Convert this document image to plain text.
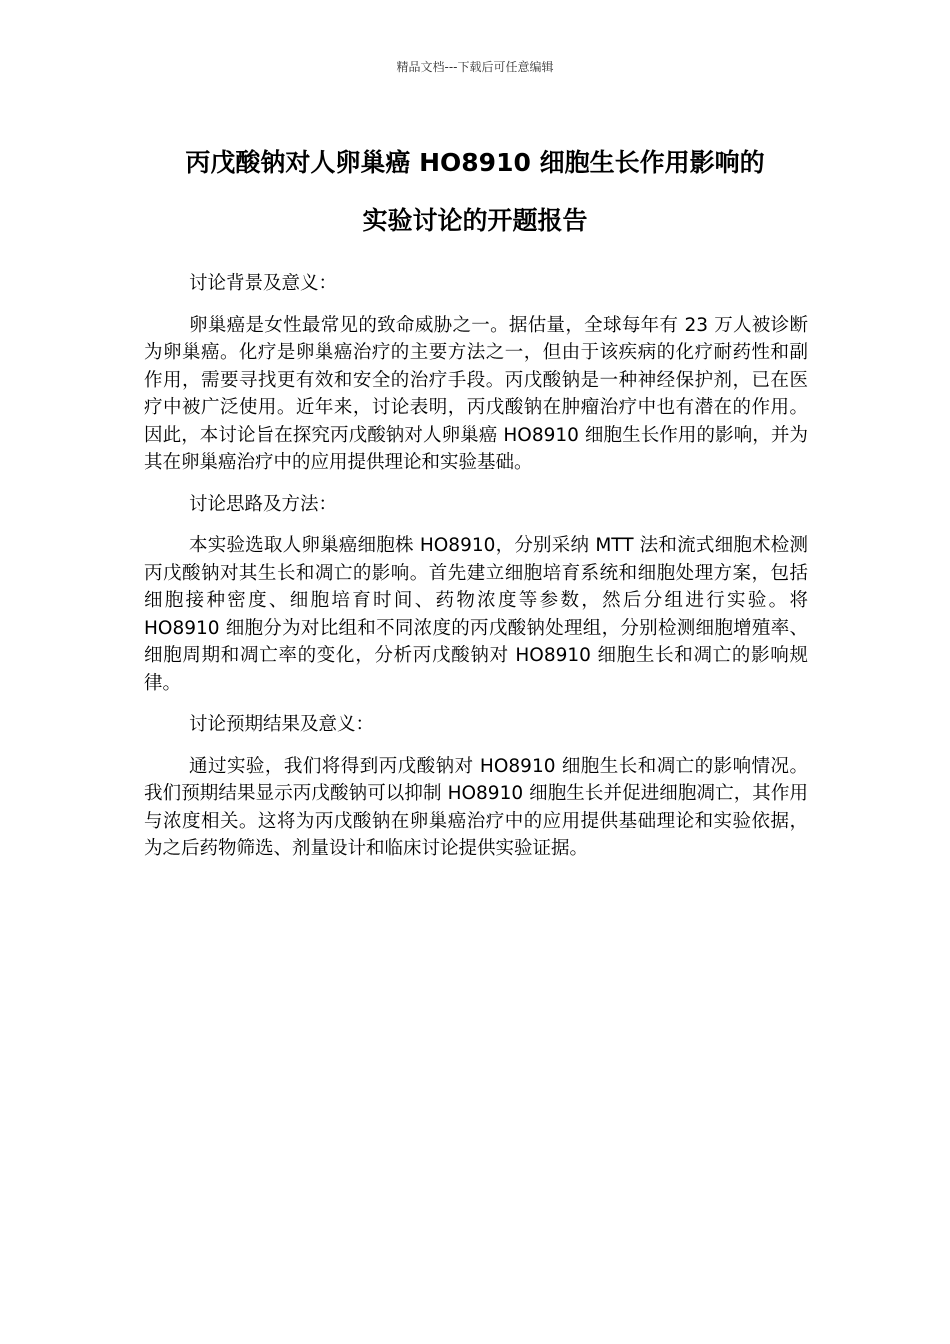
精品文档---下载后可任意编辑
丙戊酸钠对人卵巢癌 HO8910 细胞生长作用影响的
实验讨论的开题报告
讨论背景及意义：
卵巢癌是女性最常见的致命威胁之一。据估量，全球每年有 23 万人被诊断为卵巢癌。化疗是卵巢癌治疗的主要方法之一，但由于该疾病的化疗耐药性和副作用，需要寻找更有效和安全的治疗手段。丙戊酸钠是一种神经保护剂，已在医疗中被广泛使用。近年来，讨论表明，丙戊酸钠在肿瘤治疗中也有潜在的作用。因此，本讨论旨在探究丙戊酸钠对人卵巢癌 HO8910 细胞生长作用的影响，并为其在卵巢癌治疗中的应用提供理论和实验基础。
讨论思路及方法：
本实验选取人卵巢癌细胞株 HO8910，分别采纳 MTT 法和流式细胞术检测丙戊酸钠对其生长和凋亡的影响。首先建立细胞培育系统和细胞处理方案，包括细胞接种密度、细胞培育时间、药物浓度等参数，然后分组进行实验。将 HO8910 细胞分为对比组和不同浓度的丙戊酸钠处理组，分别检测细胞增殖率、细胞周期和凋亡率的变化，分析丙戊酸钠对 HO8910 细胞生长和凋亡的影响规律。
讨论预期结果及意义：
通过实验，我们将得到丙戊酸钠对 HO8910 细胞生长和凋亡的影响情况。我们预期结果显示丙戊酸钠可以抑制 HO8910 细胞生长并促进细胞凋亡，其作用与浓度相关。这将为丙戊酸钠在卵巢癌治疗中的应用提供基础理论和实验依据，为之后药物筛选、剂量设计和临床讨论提供实验证据。
